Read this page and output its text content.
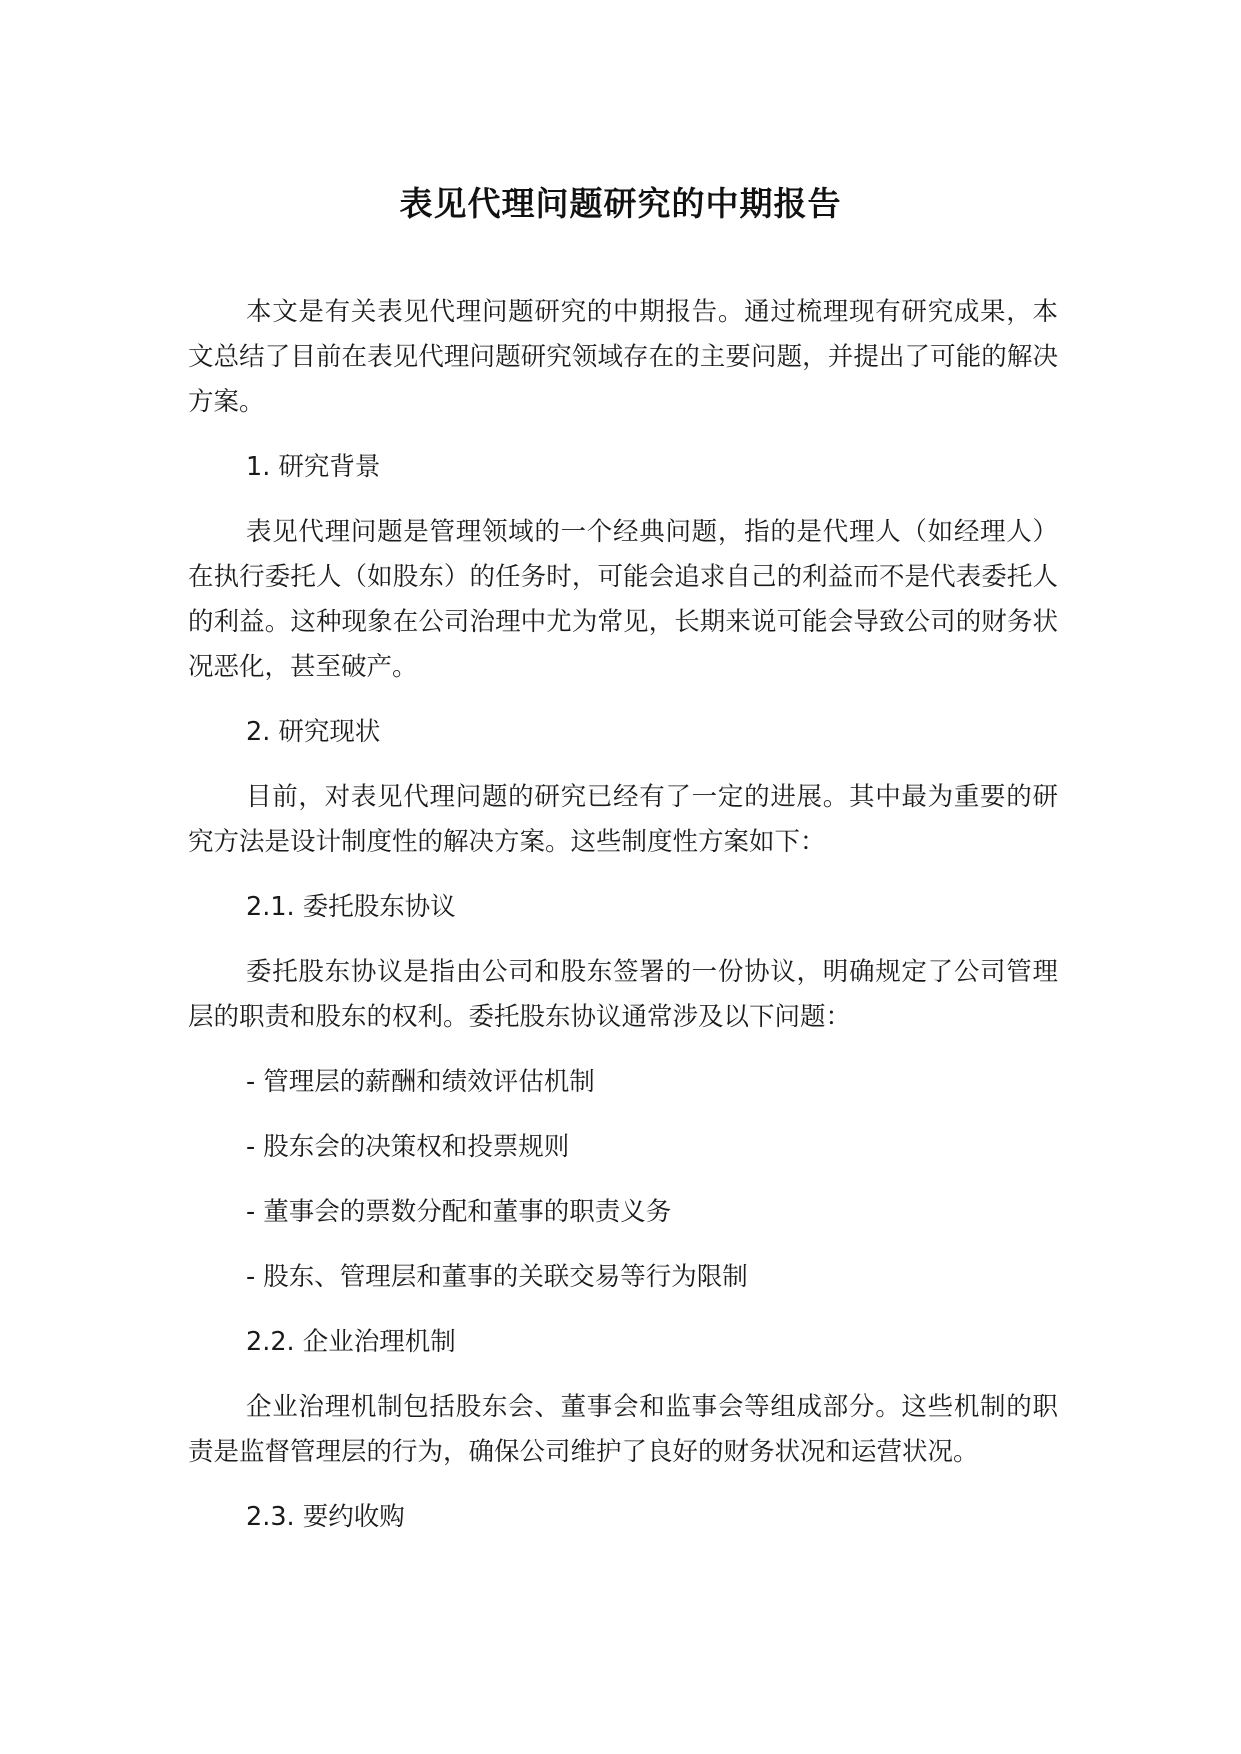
表见代理问题研究的中期报告

本文是有关表见代理问题研究的中期报告。通过梳理现有研究成果，本文总结了目前在表见代理问题研究领域存在的主要问题，并提出了可能的解决方案。

1. 研究背景

表见代理问题是管理领域的一个经典问题，指的是代理人（如经理人）在执行委托人（如股东）的任务时，可能会追求自己的利益而不是代表委托人的利益。这种现象在公司治理中尤为常见，长期来说可能会导致公司的财务状况恶化，甚至破产。

2. 研究现状

目前，对表见代理问题的研究已经有了一定的进展。其中最为重要的研究方法是设计制度性的解决方案。这些制度性方案如下：

2.1. 委托股东协议

委托股东协议是指由公司和股东签署的一份协议，明确规定了公司管理层的职责和股东的权利。委托股东协议通常涉及以下问题：

- 管理层的薪酬和绩效评估机制
- 股东会的决策权和投票规则
- 董事会的票数分配和董事的职责义务
- 股东、管理层和董事的关联交易等行为限制
2.2. 企业治理机制

企业治理机制包括股东会、董事会和监事会等组成部分。这些机制的职责是监督管理层的行为，确保公司维护了良好的财务状况和运营状况。

2.3. 要约收购
